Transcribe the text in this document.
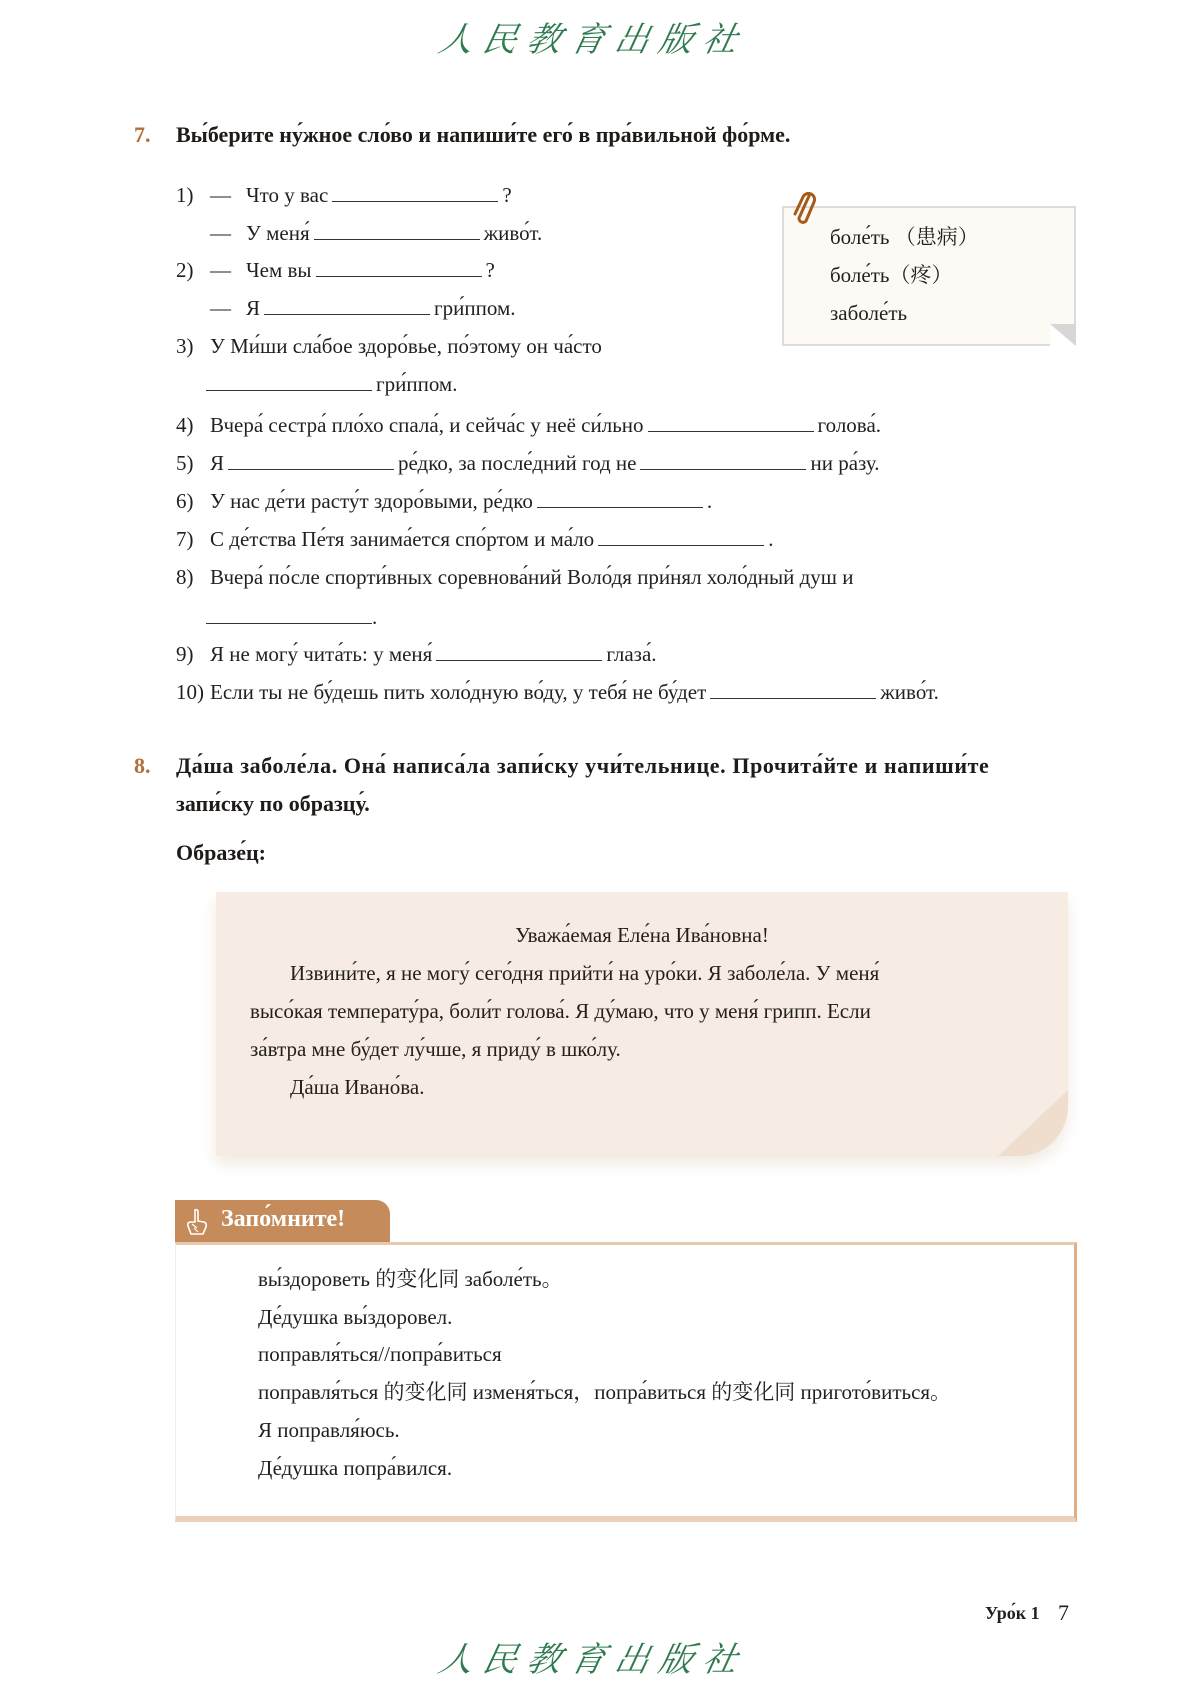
人民教育出版社
7. Вы́берите ну́жное сло́во и напиши́те его́ в пра́вильной фо́рме.
1) — Что у вас	?
— У меня́	живо́т.
2) — Чем вы	?
— Я	гри́ппом.
3) У Ми́ши сла́бое здоро́вье, по́этому он ча́сто
гри́ппом.
4) Вчера́ сестра́ пло́хо спала́, и сейча́с у неё си́льно	голова́.
5) Я	ре́дко, за после́дний год не	ни ра́зу.
6) У нас де́ти расту́т здоро́выми, ре́дко	.
7) С де́тства Пе́тя занима́ется спо́ртом и ма́ло	.
8) Вчера́ по́сле спорти́вных соревнова́ний Воло́дя при́нял холо́дный душ и
.
9) Я не могу́ чита́ть: у меня́	глаза́.
10) Если ты не бу́дешь пить холо́дную во́ду, у тебя́ не бу́дет	живо́т.
боле́ть （患病）
боле́ть（疼）
заболе́ть
8. Да́ша заболе́ла. Она́ написа́ла запи́ску учи́тельнице. Прочита́йте и напиши́те
запи́ску по образцу́.
Образе́ц:
Уважа́емая Еле́на Ива́новна!
Извини́те, я не могу́ сего́дня прийти́ на уро́ки. Я заболе́ла. У меня́
высо́кая температу́ра, боли́т голова́. Я ду́маю, что у меня́ грипп. Если
за́втра мне бу́дет лу́чше, я приду́ в шко́лу.
Да́ша Ивано́ва.
Запо́мните!
вы́здороветь 的变化同 заболе́ть。
Де́душка вы́здоровел.
поправля́ться//попра́виться
поправля́ться 的变化同 изменя́ться，попра́виться 的变化同 пригото́виться。
Я поправля́юсь.
Де́душка попра́вился.
Уро́к 1 7
人民教育出版社
